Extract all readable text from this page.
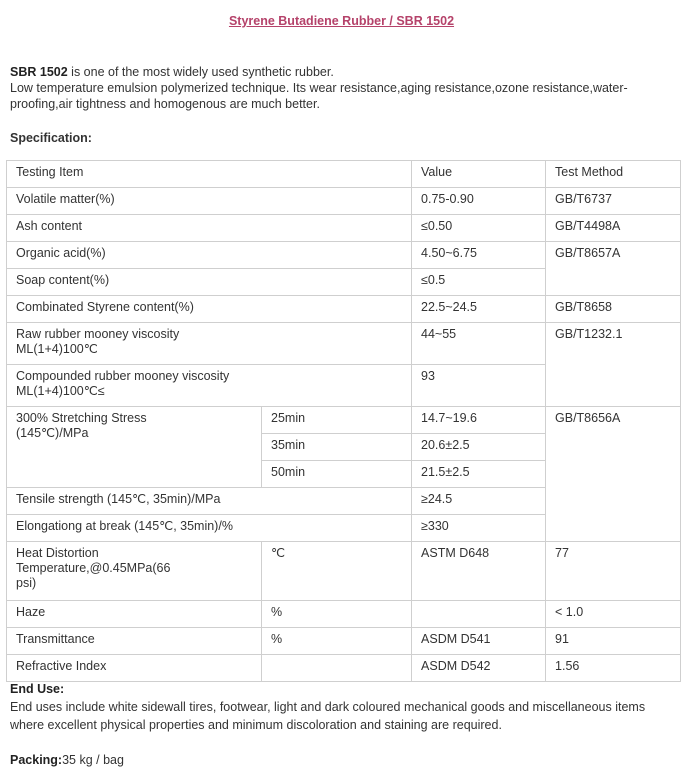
Styrene Butadiene Rubber / SBR 1502
SBR 1502 is one of the most widely used synthetic rubber.
Low temperature emulsion polymerized technique. Its wear resistance,aging resistance,ozone resistance,water-proofing,air tightness and homogenous are much better.
Specification:
Testing Item		Value	Test Method
Volatile matter(%)		0.75-0.90	GB/T6737
Ash content		≤0.50	GB/T4498A
Organic acid(%)		4.50~6.75	GB/T8657A
Soap content(%)		≤0.5	
Combinated Styrene content(%)		22.5~24.5	GB/T8658
Raw rubber mooney viscosity
ML(1+4)100℃		44~55	GB/T1232.1
Compounded rubber mooney viscosity
ML(1+4)100℃≤		93	
300% Stretching Stress
(145℃)/MPa	25min	14.7~19.6	GB/T8656A
	35min	20.6±2.5	
	50min	21.5±2.5	
Tensile strength (145℃, 35min)/MPa		≥24.5	
Elongationg at break (145℃, 35min)/%		≥330	
Heat Distortion
Temperature,@0.45MPa(66
psi)	℃	ASTM D648	77
Haze	%		< 1.0
Transmittance	%	ASDM D541	91
Refractive Index		ASDM D542	1.56
End Use:
End uses include white sidewall tires, footwear, light and dark coloured mechanical goods and miscellaneous items where excellent physical properties and minimum discoloration and staining are required.
Packing:35 kg / bag
